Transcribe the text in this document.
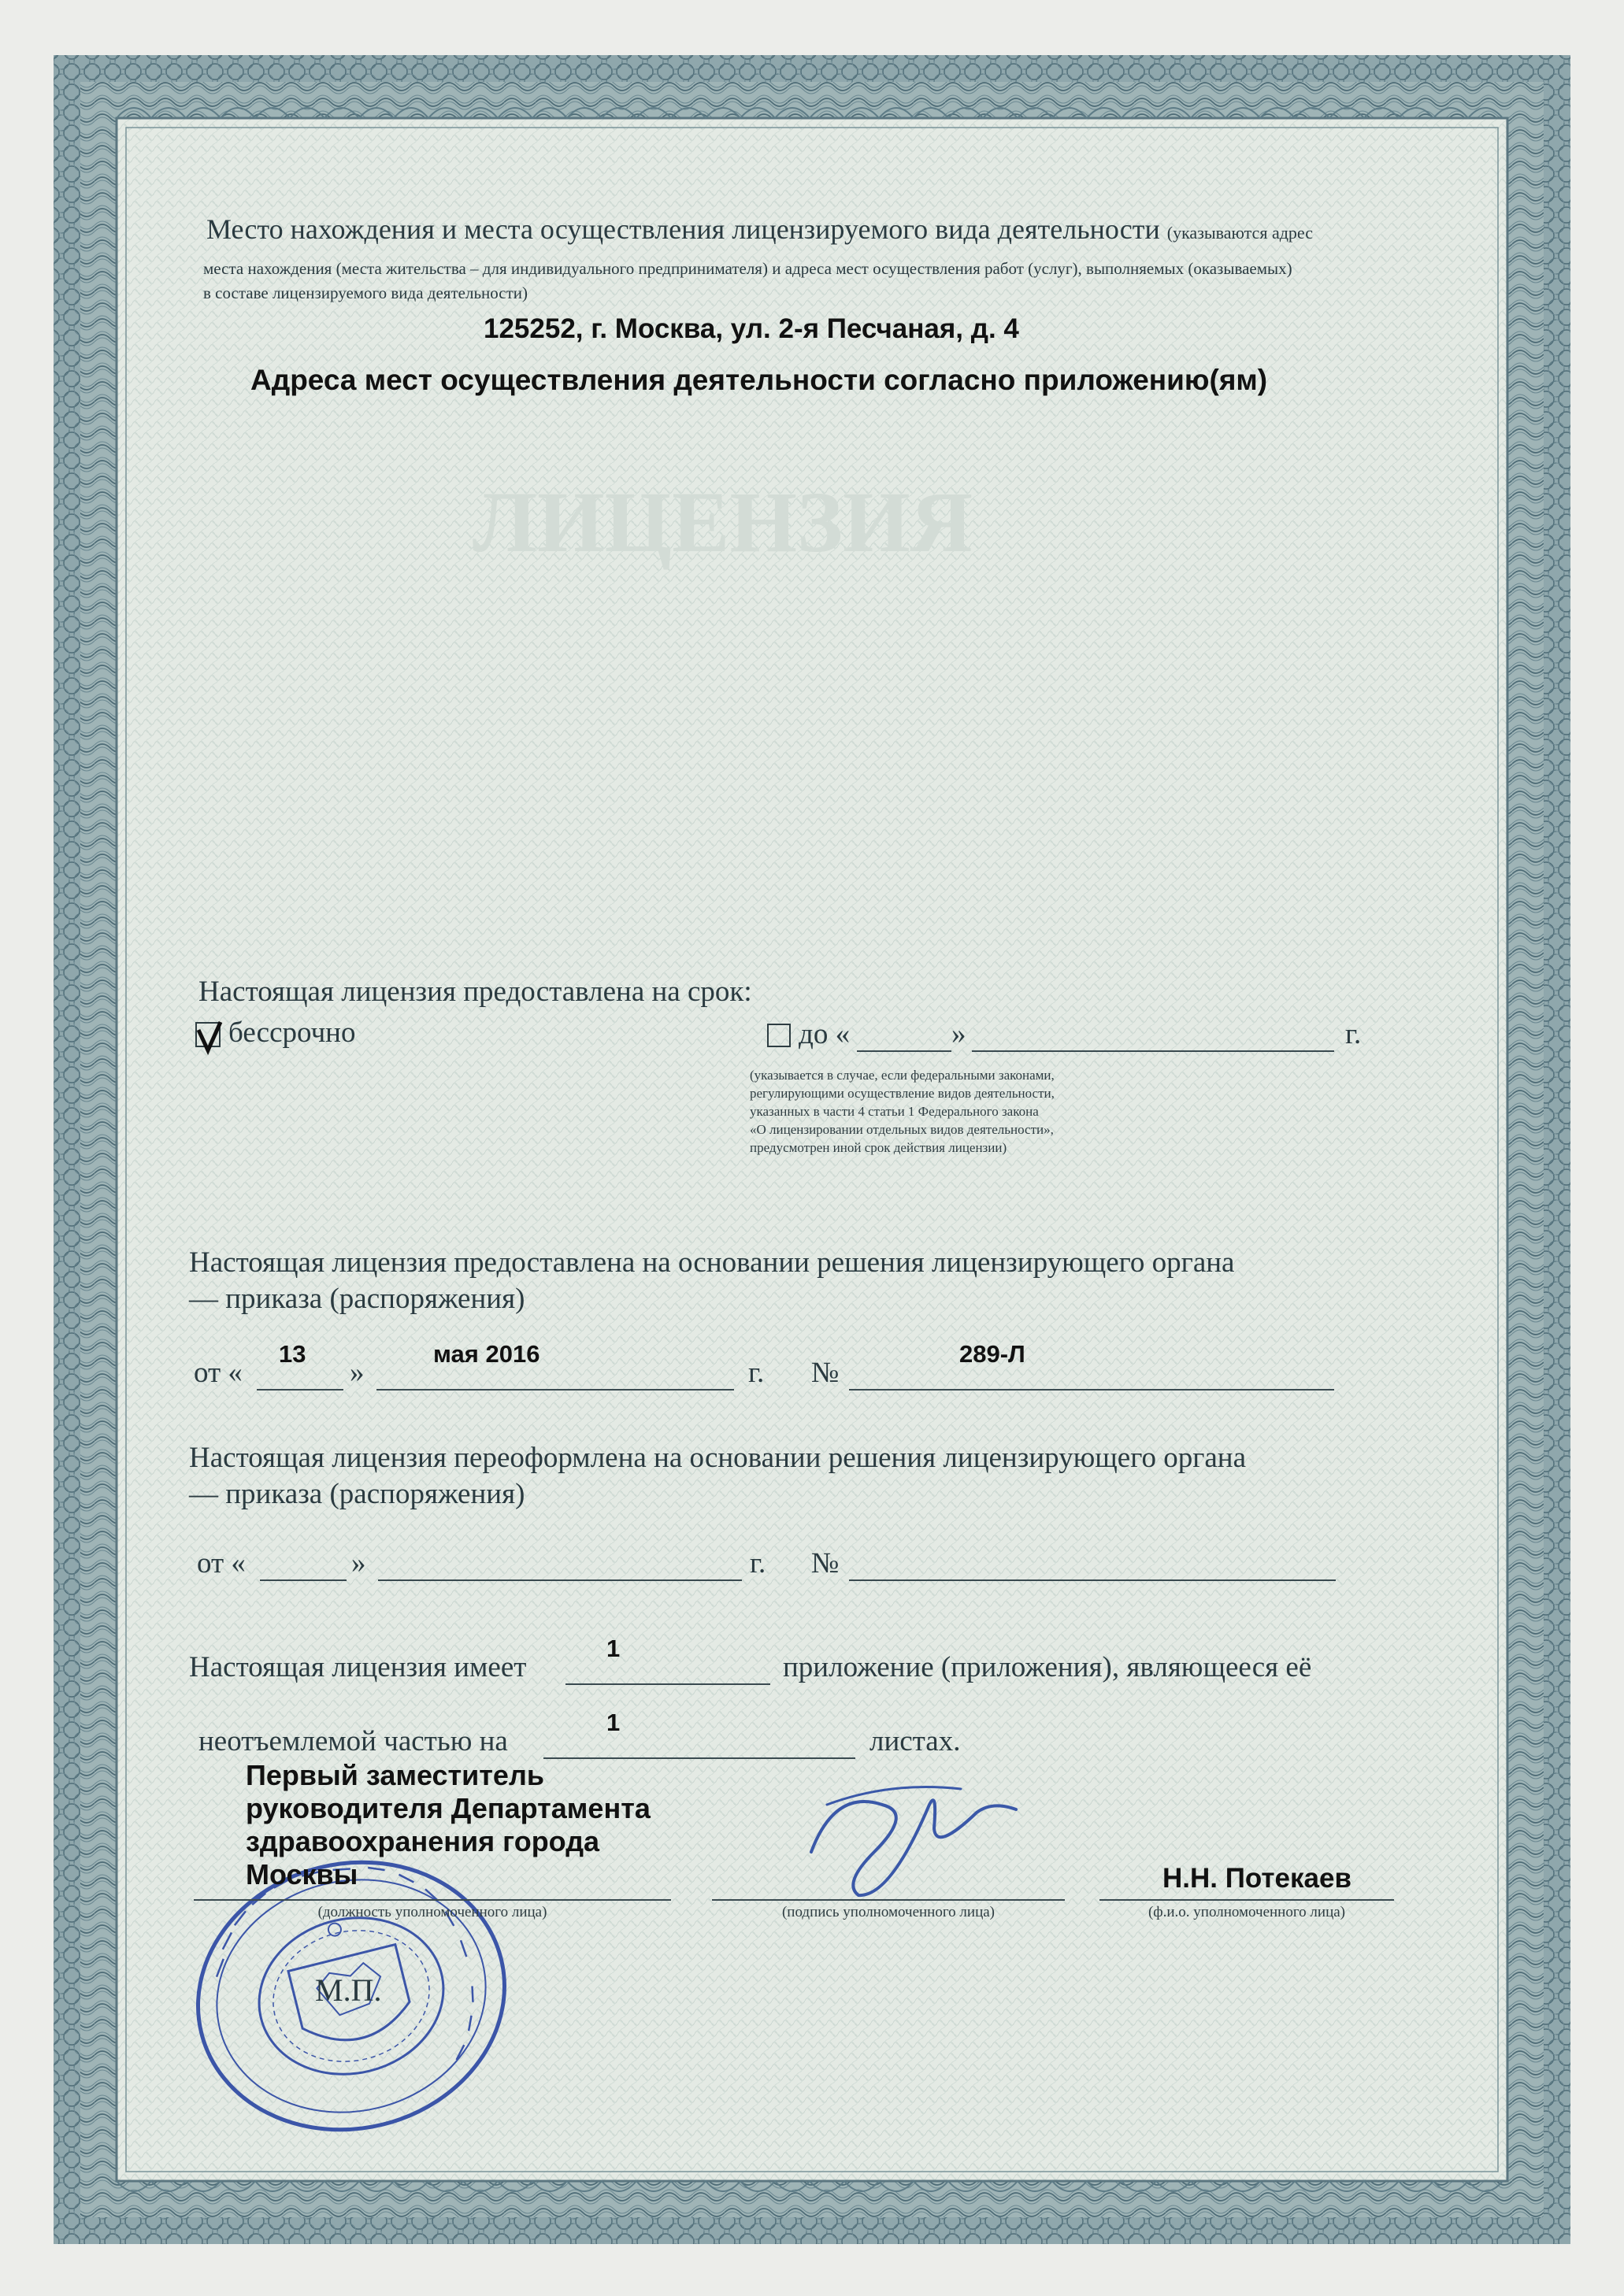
ЛИЦЕНЗИЯ
Место нахождения и места осуществления лицензируемого вида деятельности (указываются адрес
места нахождения (места жительства – для индивидуального предпринимателя) и адреса мест осуществления работ (услуг), выполняемых (оказываемых)
в составе лицензируемого вида деятельности)
125252, г. Москва, ул. 2-я Песчаная, д. 4
Адреса мест осуществления деятельности согласно приложению(ям)
Настоящая лицензия предоставлена на срок:
бессрочно	до «	»	г.
(указывается в случае, если федеральными законами,
регулирующими осуществление видов деятельности,
указанных в части 4 статьи 1 Федерального закона
«О лицензировании отдельных видов деятельности»,
предусмотрен иной срок действия лицензии)
Настоящая лицензия предоставлена на основании решения лицензирующего органа
— приказа (распоряжения)
от «
13
»
мая 2016
г. №
289-Л
Настоящая лицензия переоформлена на основании решения лицензирующего органа
— приказа (распоряжения)
от «	»	г. №
Настоящая лицензия имеет
1
приложение (приложения), являющееся её
неотъемлемой частью на
1
листах.
М.П.
Первый заместитель
руководителя Департамента
здравоохранения города
Москвы
(должность уполномоченного лица)	(подпись уполномоченного лица)
Н.Н. Потекаев
(ф.и.о. уполномоченного лица)
